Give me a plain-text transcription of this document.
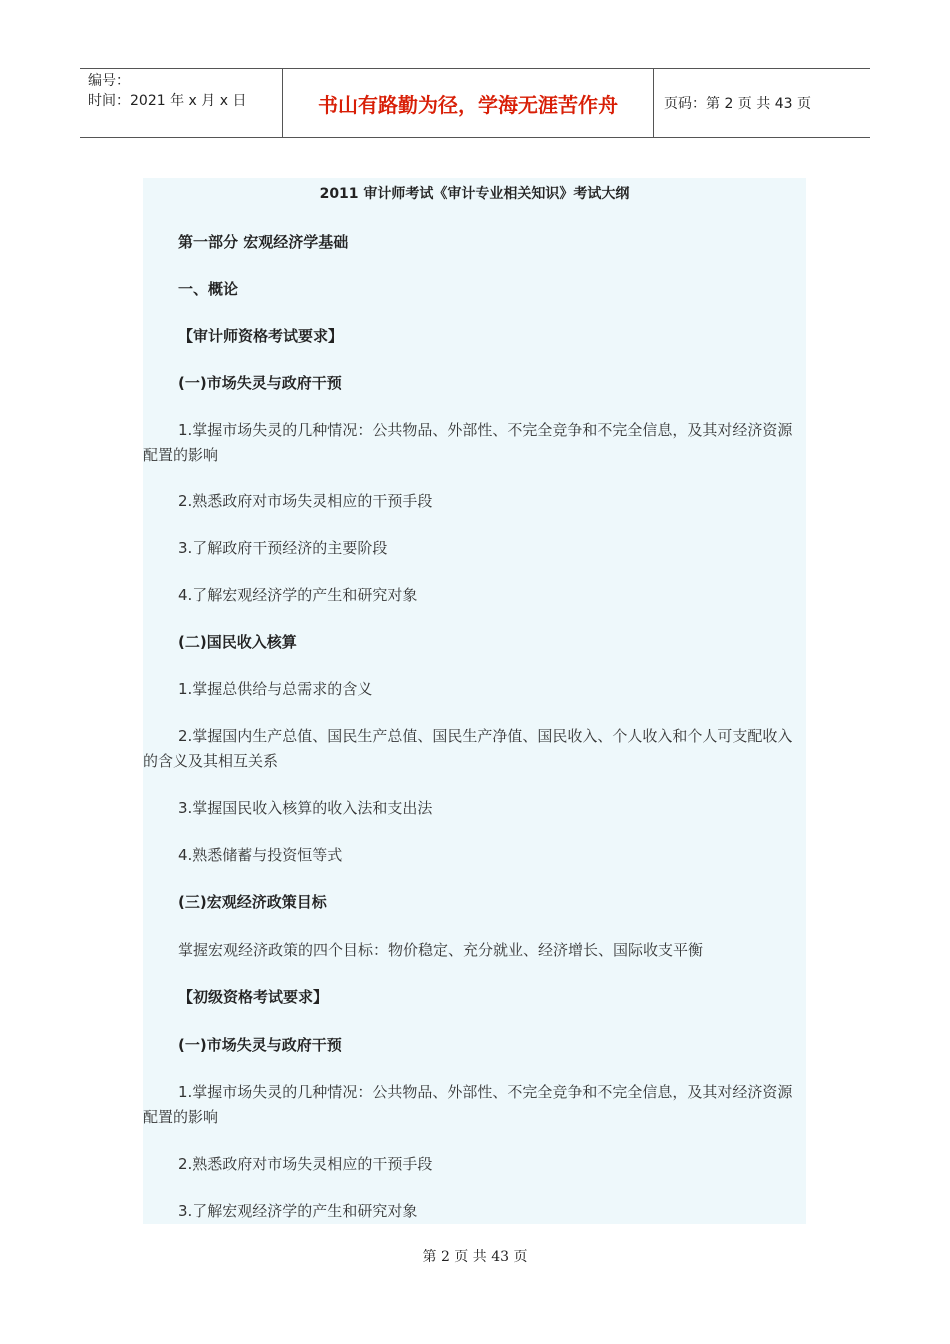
编号：
时间：2021 年 x 月 x 日	书山有路勤为径，学海无涯苦作舟	页码：第 2 页 共 43 页
2011 审计师考试《审计专业相关知识》考试大纲
第一部分 宏观经济学基础
一、概论
【审计师资格考试要求】
(一)市场失灵与政府干预
1.掌握市场失灵的几种情况：公共物品、外部性、不完全竞争和不完全信息，及其对经济资源配置的影响
2.熟悉政府对市场失灵相应的干预手段
3.了解政府干预经济的主要阶段
4.了解宏观经济学的产生和研究对象
(二)国民收入核算
1.掌握总供给与总需求的含义
2.掌握国内生产总值、国民生产总值、国民生产净值、国民收入、个人收入和个人可支配收入的含义及其相互关系
3.掌握国民收入核算的收入法和支出法
4.熟悉储蓄与投资恒等式
(三)宏观经济政策目标
掌握宏观经济政策的四个目标：物价稳定、充分就业、经济增长、国际收支平衡
【初级资格考试要求】
(一)市场失灵与政府干预
1.掌握市场失灵的几种情况：公共物品、外部性、不完全竞争和不完全信息，及其对经济资源配置的影响
2.熟悉政府对市场失灵相应的干预手段
3.了解宏观经济学的产生和研究对象
第 2 页 共 43 页
